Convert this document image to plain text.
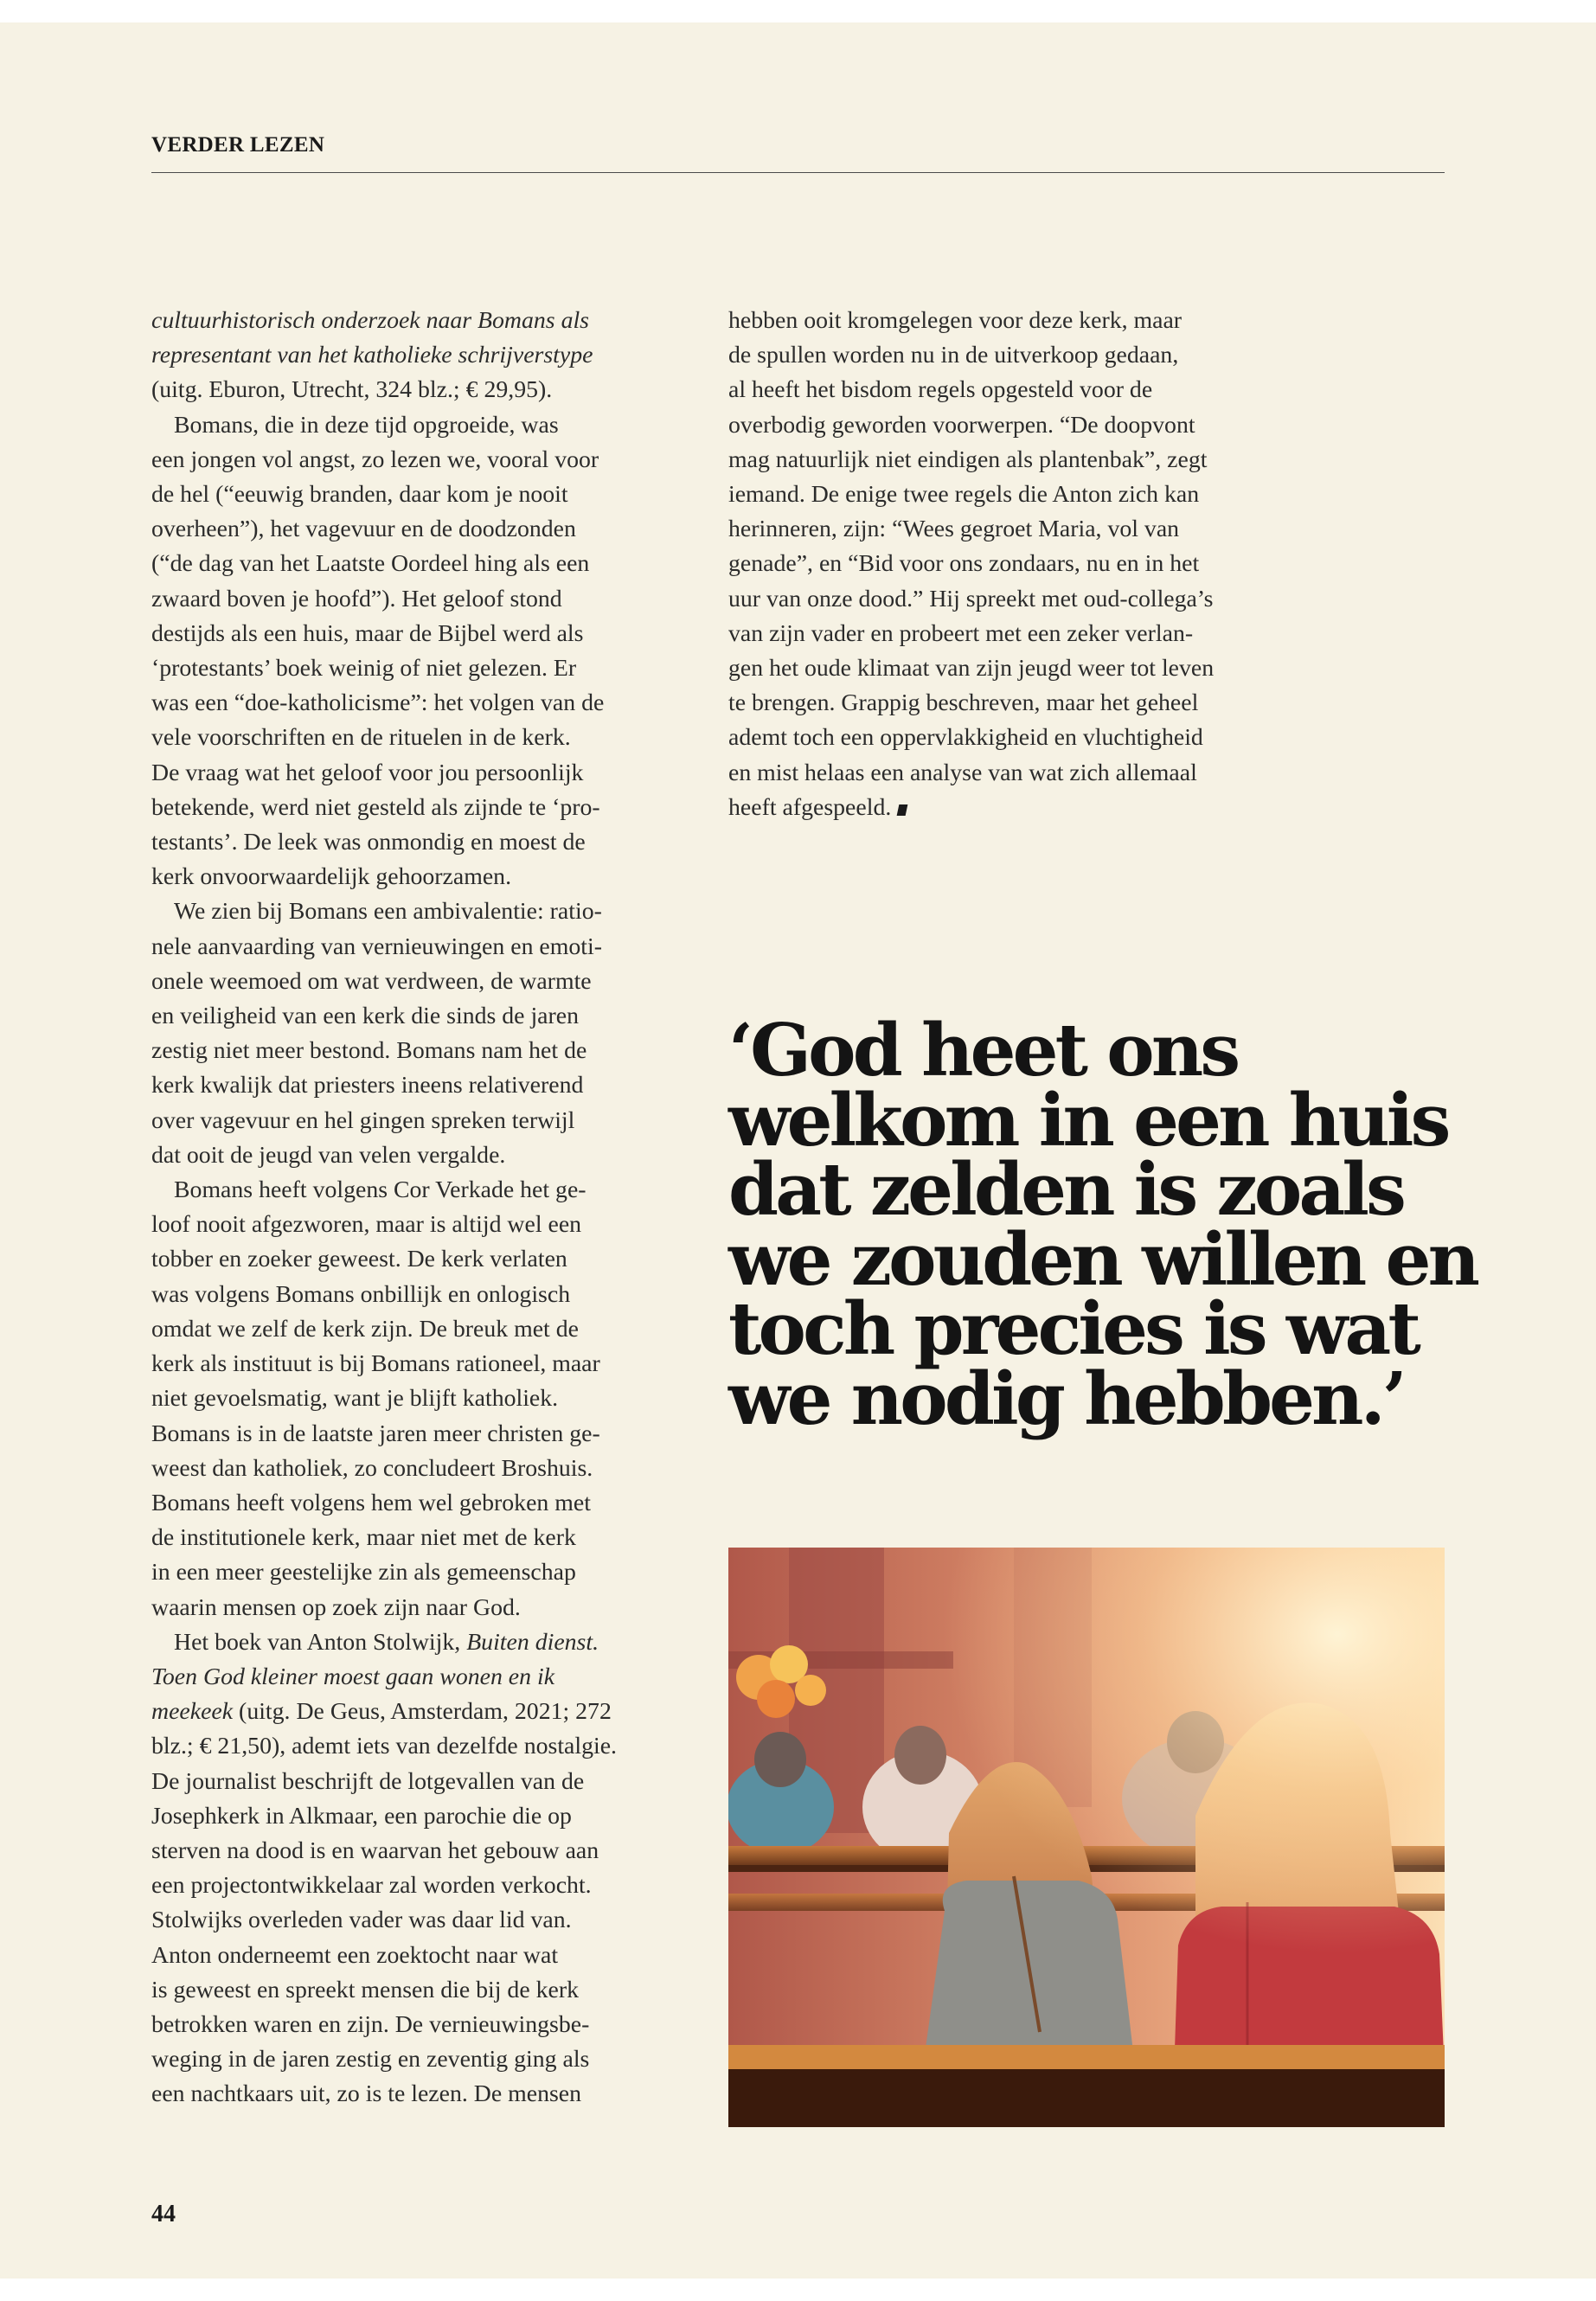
VERDER LEZEN
cultuurhistorisch onderzoek naar Bomans als
representant van het katholieke schrijverstype
(uitg. Eburon, Utrecht, 324 blz.; € 29,95).
Bomans, die in deze tijd opgroeide, was
een jongen vol angst, zo lezen we, vooral voor
de hel (“eeuwig branden, daar kom je nooit
overheen”), het vagevuur en de doodzonden
(“de dag van het Laatste Oordeel hing als een
zwaard boven je hoofd”). Het geloof stond
destijds als een huis, maar de Bijbel werd als
‘protestants’ boek weinig of niet gelezen. Er
was een “doe-katholicisme”: het volgen van de
vele voorschriften en de rituelen in de kerk.
De vraag wat het geloof voor jou persoonlijk
betekende, werd niet gesteld als zijnde te ‘pro-
testants’. De leek was onmondig en moest de
kerk onvoorwaardelijk gehoorzamen.
We zien bij Bomans een ambivalentie: ratio-
nele aanvaarding van vernieuwingen en emoti-
onele weemoed om wat verdween, de warmte
en veiligheid van een kerk die sinds de jaren
zestig niet meer bestond. Bomans nam het de
kerk kwalijk dat priesters ineens relativerend
over vagevuur en hel gingen spreken terwijl
dat ooit de jeugd van velen vergalde.
Bomans heeft volgens Cor Verkade het ge-
loof nooit afgezworen, maar is altijd wel een
tobber en zoeker geweest. De kerk verlaten
was volgens Bomans onbillijk en onlogisch
omdat we zelf de kerk zijn. De breuk met de
kerk als instituut is bij Bomans rationeel, maar
niet gevoelsmatig, want je blijft katholiek.
Bomans is in de laatste jaren meer christen ge-
weest dan katholiek, zo concludeert Broshuis.
Bomans heeft volgens hem wel gebroken met
de institutionele kerk, maar niet met de kerk
in een meer geestelijke zin als gemeenschap
waarin mensen op zoek zijn naar God.
Het boek van Anton Stolwijk, Buiten dienst.
Toen God kleiner moest gaan wonen en ik
meekeek (uitg. De Geus, Amsterdam, 2021; 272
blz.; € 21,50), ademt iets van dezelfde nostalgie.
De journalist beschrijft de lotgevallen van de
Josephkerk in Alkmaar, een parochie die op
sterven na dood is en waarvan het gebouw aan
een projectontwikkelaar zal worden verkocht.
Stolwijks overleden vader was daar lid van.
Anton onderneemt een zoektocht naar wat
is geweest en spreekt mensen die bij de kerk
betrokken waren en zijn. De vernieuwingsbe-
weging in de jaren zestig en zeventig ging als
een nachtkaars uit, zo is te lezen. De mensen
hebben ooit kromgelegen voor deze kerk, maar
de spullen worden nu in de uitverkoop gedaan,
al heeft het bisdom regels opgesteld voor de
overbodig geworden voorwerpen. “De doopvont
mag natuurlijk niet eindigen als plantenbak”, zegt
iemand. De enige twee regels die Anton zich kan
herinneren, zijn: “Wees gegroet Maria, vol van
genade”, en “Bid voor ons zondaars, nu en in het
uur van onze dood.” Hij spreekt met oud-collega’s
van zijn vader en probeert met een zeker verlan-
gen het oude klimaat van zijn jeugd weer tot leven
te brengen. Grappig beschreven, maar het geheel
ademt toch een oppervlakkigheid en vluchtigheid
en mist helaas een analyse van wat zich allemaal
heeft afgespeeld.
‘God heet ons
welkom in een huis
dat zelden is zoals
we zouden willen en
toch precies is wat
we nodig hebben.’
44
